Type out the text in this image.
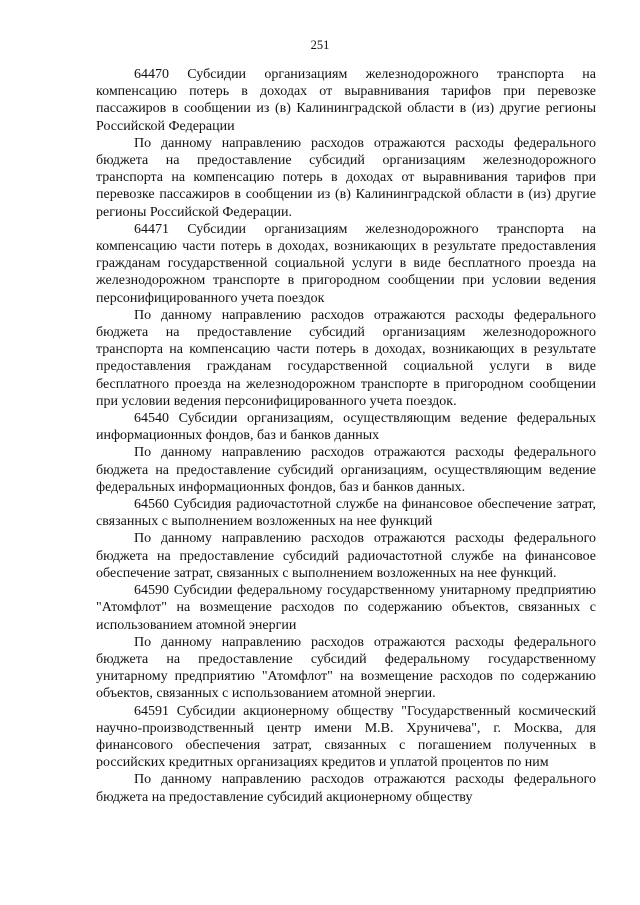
251

64470 Субсидии организациям железнодорожного транспорта на компенсацию потерь в доходах от выравнивания тарифов при перевозке пассажиров в сообщении из (в) Калининградской области в (из) другие регионы Российской Федерации

По данному направлению расходов отражаются расходы федерального бюджета на предоставление субсидий организациям железнодорожного транспорта на компенсацию потерь в доходах от выравнивания тарифов при перевозке пассажиров в сообщении из (в) Калининградской области в (из) другие регионы Российской Федерации.

64471 Субсидии организациям железнодорожного транспорта на компенсацию части потерь в доходах, возникающих в результате предоставления гражданам государственной социальной услуги в виде бесплатного проезда на железнодорожном транспорте в пригородном сообщении при условии ведения персонифицированного учета поездок

По данному направлению расходов отражаются расходы федерального бюджета на предоставление субсидий организациям железнодорожного транспорта на компенсацию части потерь в доходах, возникающих в результате предоставления гражданам государственной социальной услуги в виде бесплатного проезда на железнодорожном транспорте в пригородном сообщении при условии ведения персонифицированного учета поездок.

64540 Субсидии организациям, осуществляющим ведение федеральных информационных фондов, баз и банков данных

По данному направлению расходов отражаются расходы федерального бюджета на предоставление субсидий организациям, осуществляющим ведение федеральных информационных фондов, баз и банков данных.

64560 Субсидия радиочастотной службе на финансовое обеспечение затрат, связанных с выполнением возложенных на нее функций

По данному направлению расходов отражаются расходы федерального бюджета на предоставление субсидий радиочастотной службе на финансовое обеспечение затрат, связанных с выполнением возложенных на нее функций.

64590 Субсидии федеральному государственному унитарному предприятию "Атомфлот" на возмещение расходов по содержанию объектов, связанных с использованием атомной энергии

По данному направлению расходов отражаются расходы федерального бюджета на предоставление субсидий федеральному государственному унитарному предприятию "Атомфлот" на возмещение расходов по содержанию объектов, связанных с использованием атомной энергии.

64591 Субсидии акционерному обществу "Государственный космический научно-производственный центр имени М.В. Хруничева", г. Москва, для финансового обеспечения затрат, связанных с погашением полученных в российских кредитных организациях кредитов и уплатой процентов по ним

По данному направлению расходов отражаются расходы федерального бюджета на предоставление субсидий акционерному обществу
